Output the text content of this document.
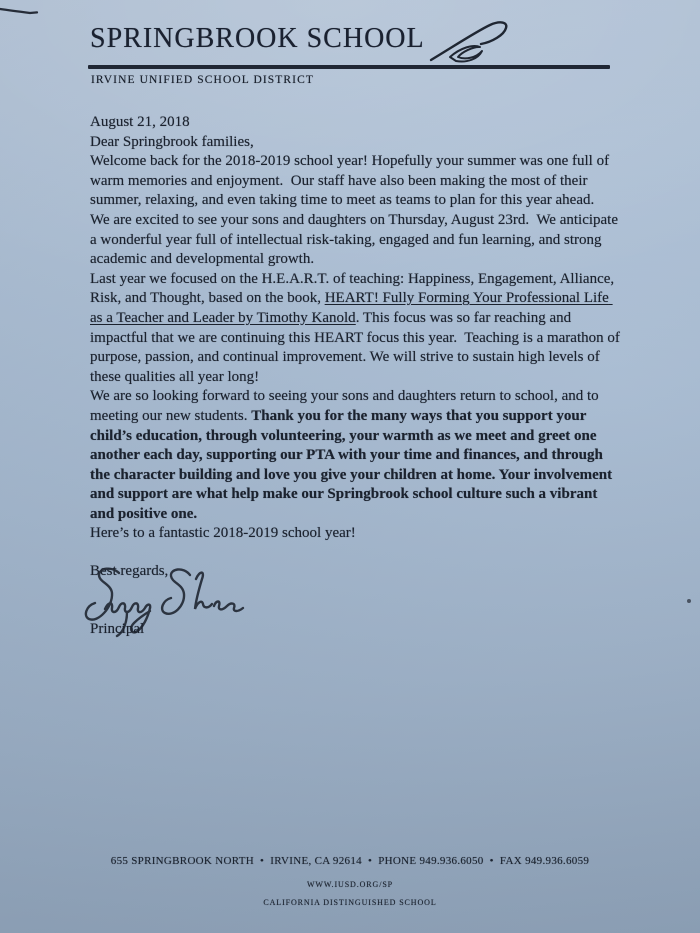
SPRINGBROOK SCHOOL
IRVINE UNIFIED SCHOOL DISTRICT

August 21, 2018

Dear Springbrook families,

Welcome back for the 2018-2019 school year! Hopefully your summer was one full of warm memories and enjoyment.  Our staff have also been making the most of their summer, relaxing, and even taking time to meet as teams to plan for this year ahead.

We are excited to see your sons and daughters on Thursday, August 23rd.  We anticipate a wonderful year full of intellectual risk-taking, engaged and fun learning, and strong academic and developmental growth.

Last year we focused on the H.E.A.R.T. of teaching: Happiness, Engagement, Alliance, Risk, and Thought, based on the book, HEART! Fully Forming Your Professional Life as a Teacher and Leader by Timothy Kanold. This focus was so far reaching and impactful that we are continuing this HEART focus this year.  Teaching is a marathon of purpose, passion, and continual improvement. We will strive to sustain high levels of these qualities all year long!

We are so looking forward to seeing your sons and daughters return to school, and to meeting our new students. Thank you for the many ways that you support your child’s education, through volunteering, your warmth as we meet and greet one another each day, supporting our PTA with your time and finances, and through the character building and love you give your children at home. Your involvement and support are what help make our Springbrook school culture such a vibrant and positive one.

Here’s to a fantastic 2018-2019 school year!

Best regards,

Principal

655 SPRINGBROOK NORTH  •  IRVINE, CA 92614  •  PHONE 949.936.6050  •  FAX 949.936.6059

WWW.IUSD.ORG/SP

CALIFORNIA DISTINGUISHED SCHOOL
